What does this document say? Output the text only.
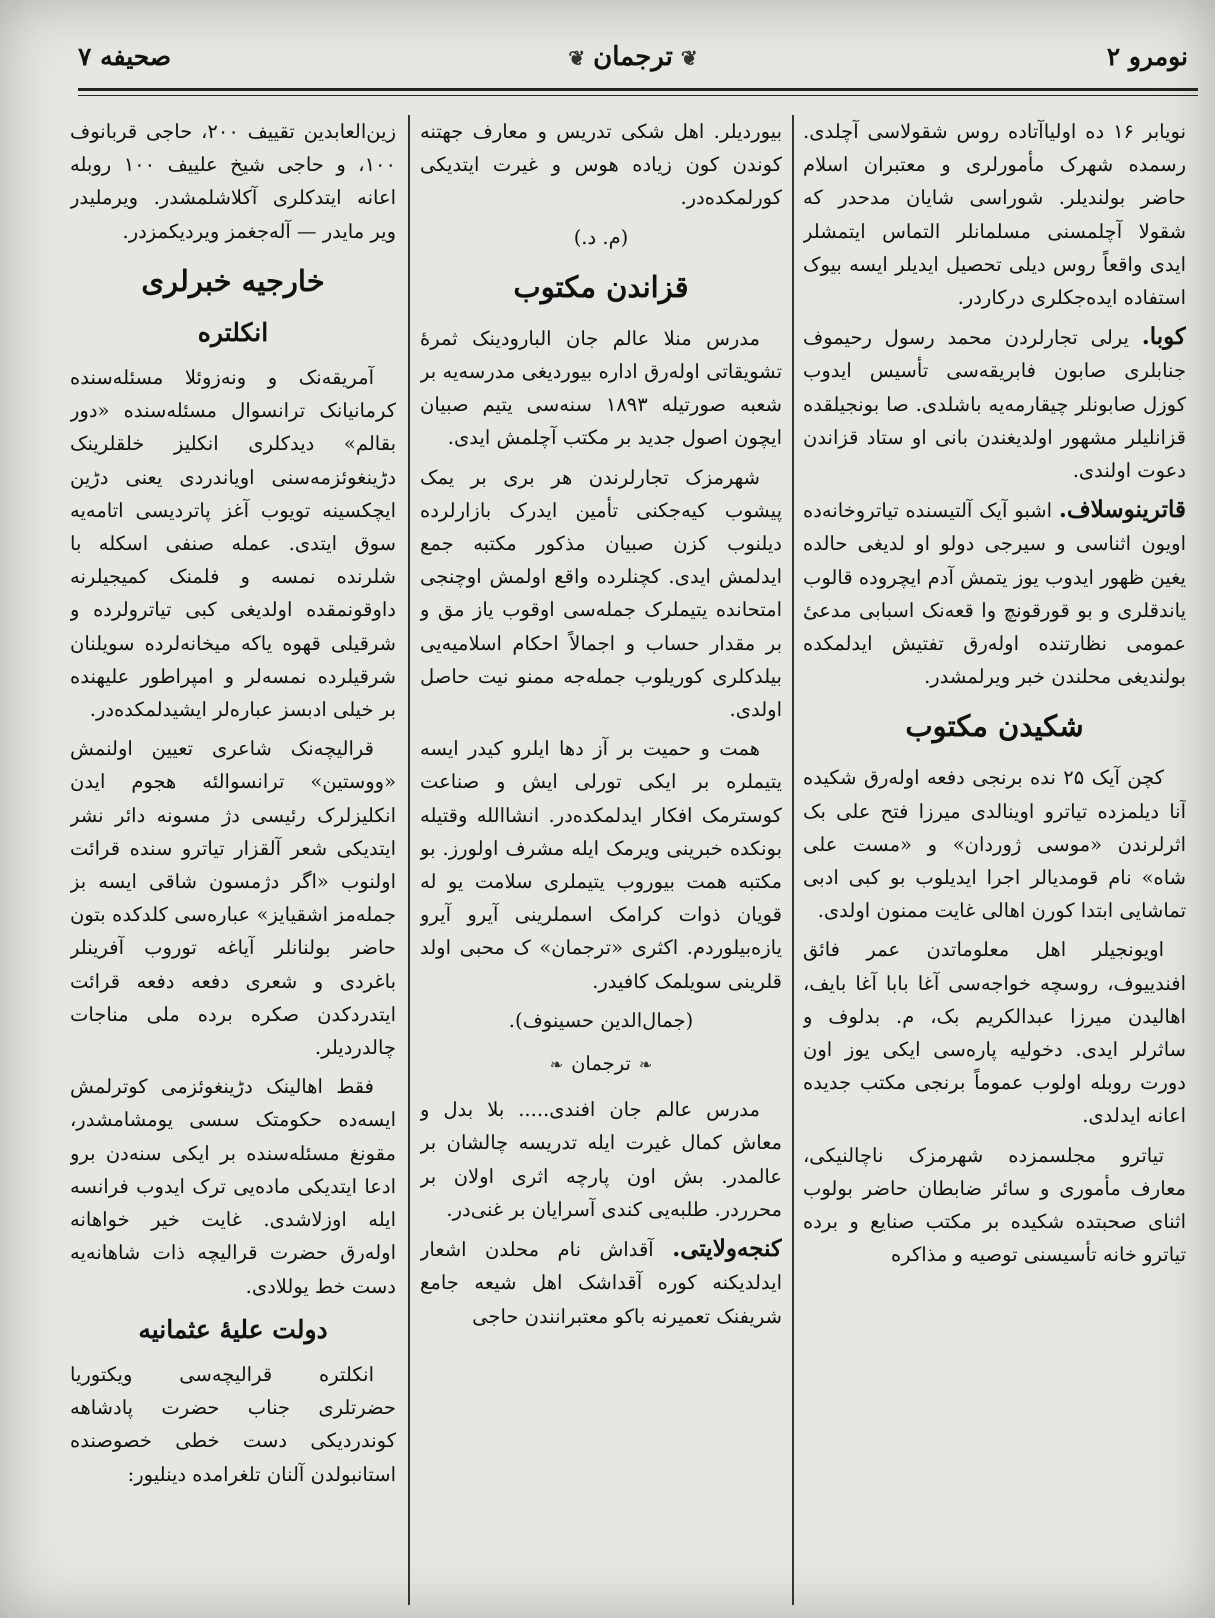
نومرو ۲
❦ترجمان❦
صحیفه ۷

نویابر ۱۶ ده اولیاآتاده روس شقولاسی آچلدی. رسمده شهرک مأمورلری و معتبران اسلام حاضر بولندیلر. شوراسی شایان مدحدر که شقولا آچلمسنی مسلمانلر التماس ایتمشلر ایدی واقعاً روس دیلی تحصیل ایدیلر ایسه بیوک استفاده ایده‌جکلری درکاردر.

کوبا. یرلی تجارلردن محمد رسول رحیموف جنابلری صابون فابریقه‌سی تأسیس ایدوب کوزل صابونلر چیقارمه‌یه باشلدی. صا بونجیلقده قزانلیلر مشهور اولدیغندن بانی او ستاد قزاندن دعوت اولندی.

قاترینوسلاف. اشبو آیک آلتیسنده تیاتروخانه‌ده اویون اثناسی و سیرجی دولو او لدیغی حالده یغین ظهور ایدوب یوز یتمش آدم ایچروده قالوب یاندقلری و بو قورقونچ وا قعه‌نک اسبابی مدعیٔ عمومی نظارتنده اوله‌رق تفتیش ایدلمکده بولندیغی محلندن خبر ویرلمشدر.

شکیدن مکتوب

کچن آیک ۲۵ نده برنجی دفعه اوله‌رق شکیده آنا دیلمزده تیاترو اوینالدی میرزا فتح علی بک اثرلرندن «موسی ژوردان» و «مست علی شاه» نام قومدیالر اجرا ایدیلوب بو کبی ادبی تماشایی ابتدا کورن اهالی غایت ممنون اولدی.

اویونجیلر اهل معلوماتدن عمر فائق افندییوف، روسچه خواجه‌سی آغا بابا آغا بایف، اهالیدن میرزا عبدالکریم بک، م. بدلوف و ساثرلر ایدی. دخولیه پاره‌سی ایکی یوز اون دورت روبله اولوب عموماً برنجی مکتب جدیده اعانه ایدلدی.

تیاترو مجلسمزده شهرمزک ناچالنیکی، معارف مأموری و سائر ضابطان حاضر بولوب اثنای صحبتده شکیده بر مکتب صنایع و برده تیاترو خانه تأسیسنی توصیه و مذاکره

بیوردیلر. اهل شکی تدریس و معارف جهتنه کوندن کون زیاده هوس و غیرت ایتدیکی کورلمکده‌در.

(م. د.)
قزاندن مکتوب

مدرس منلا عالم جان البارودینک ثمرهٔ تشویقاتی اوله‌رق اداره بیوردیغی مدرسه‌یه بر شعبه صورتیله ۱۸۹۳ سنه‌سی یتیم صبیان ایچون اصول جدید بر مکتب آچلمش ایدی.

شهرمزک تجارلرندن هر بری بر یمک پیشوب کیه‌جکنی تأمین ایدرک بازارلرده دیلنوب کزن صبیان مذکور مکتبه جمع ایدلمش ایدی. کچنلرده واقع اولمش او‌چنجی امتحانده یتیملرک جمله‌سی اوقوب یاز مق و بر مقدار حساب و اجمالاً احکام اسلامیه‌یی بیلدکلری کوریلوب جمله‌جه ممنو نیت حاصل اولدی.

همت و حمیت بر آز دها ایلرو کیدر ایسه یتیملره بر ایکی تورلی ایش و صناعت کوسترمک افکار ایدلمکده‌در. انشاالله وقتیله بونکده خبرینی ویرمک ایله مشرف اولورز. بو مکتبه همت بیوروب یتیملری سلامت یو له قویان ذوات کرامک اسملرینی آیرو آیرو یازه‌بیلوردم. اکثری «ترجمان» ک محبی اولد قلرینی سویلمک کافیدر.

(جمال‌الدین حسینوف).
❧ترجمان❧

مدرس عالم جان افندی..... بلا بدل و معاش کمال غیرت ایله تدریسه چالشان بر عالمدر. بش اون پارچه اثری اولان بر محرردر. طلبه‌یی کندی آسرایان بر غنی‌در.

کنجه‌ولایتی. آقداش نام محلدن اشعار ایدلدیکنه کوره آقداشک اهل شیعه جامع شریفنک تعمیرنه باکو معتبرانندن حاجی

زین‌العابدین تقییف ۲۰۰، حاجی قربانوف ۱۰۰، و حاجی شیخ علییف ۱۰۰ روبله اعانه ایتدکلری آکلاشلمشدر. ویرملیدر ویر مایدر — آله‌جغمز ویردیکمزدر.

خارجیه خبرلری
انکلتره

آمریقه‌نک و ونه‌زوئلا مسئله‌سنده کرمانیانک ترانسوال مسئله‌سنده «دور بقالم» دیدکلری انکلیز خلقلرینک دڑینغوئزمه‌سنی اویاندردی یعنی دڑین ایچکسینه تویوب آغز پاتردیسی اتامه‌یه سوق ایتدی. عمله صنفی اسکله با شلرنده نمسه و فلمنک کمیجیلرنه داوقونمقده اولدیغی کبی تیاترولرده و شرقیلی قهوه یاکه میخانه‌لرده سویلنان شرقیلرده نمسه‌لر و امپراطور علیهنده بر خیلی ادبسز عباره‌لر ایشیدلمکده‌در.

قرالیچه‌نک شاعری تعیین اولنمش «ووستین» ترانسوالئه هجوم ایدن انکلیزلرک رئیسی دژ مسونه دائر نشر ایتدیکی شعر آلقزار تیاترو سنده قرائت اولنوب «اگر دژمسون شاقی ایسه بز جمله‌مز اشقیایز» عباره‌سی کلدکده بتون حاضر بولنانلر آیاغه توروب آفرینلر باغردی و شعری دفعه دفعه قرائت ایتدردکدن صکره برده ملی مناجات چالدردیلر.

فقط اهالینک دڑینغوئزمی کوترلمش ایسه‌ده حکومتک سسی یومشامشدر، مقونغ مسئله‌سنده بر ایکی سنه‌دن برو ادعا ایتدیکی ماده‌یی ترک ایدوب فرانسه ایله اوزلاشدی. غایت خیر خواهانه اوله‌رق حضرت قرالیچه ذات شاهانه‌یه دست خط یوللادی.

دولت علیهٔ عثمانیه

انکلتره قرالیچه‌سی ویکتوریا حضرتلری جناب حضرت پادشاهه کوندردیکی دست خطی خصوصنده استانبولدن آلنان تلغرامده دینلیور:
